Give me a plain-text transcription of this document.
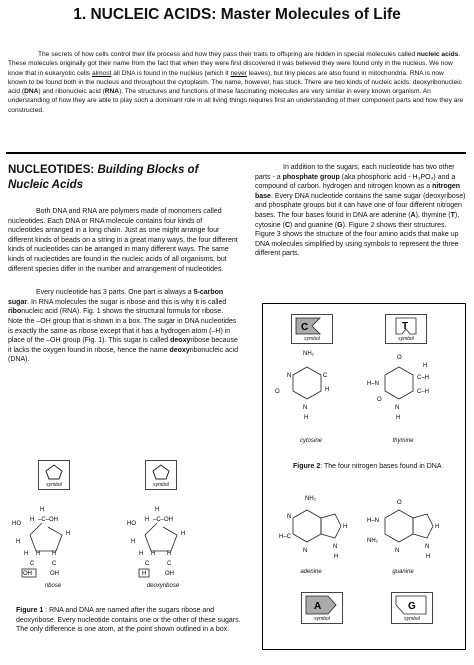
1. NUCLEIC ACIDS: Master Molecules of Life

The secrets of how cells control their life process and how they pass their traits to offspring are hidden in special molecules called nucleic acids. These molecules originally got their name from the fact that when they were first discovered it was believed they were found only in the nucleus. We now know that in eukaryotic cells almost all DNA is found in the nucleus (which it never leaves), but tiny pieces are also found in mitochondria. RNA is now known to be found both in the nucleus and throughout the cytoplasm. The name, however, has stuck. There are two kinds of nucleic acids: deoxyribonucleic acid (DNA) and ribonucleic acid (RNA). The structures and functions of these fascinating molecules are very similar in every known organism. An understanding of how they are able to play such a dominant role in all living things requires first an understanding of their component parts and how they are constructed.

NUCLEOTIDES: Building Blocks of Nucleic Acids

Both DNA and RNA are polymers made of monomers called nucleotides. Each DNA or RNA molecule contains four kinds of nucleotides arranged in a long chain. Just as one might arrange four different kinds of beads on a string in a great many ways, the four different kinds of nucleotides can be arranged in many different ways. The same kinds of nucleotides are found in the nucleic acids of all organisms, but different species differ in the number and arrangement of nucleotides.

Every nucleotide has 3 parts. One part is always a 5-carbon sugar. In RNA molecules the sugar is ribose and this is why it is called ribonucleic acid (RNA). Fig. 1 shows the structural formula for ribose. Note the –OH group that is shown in a box. The sugar in DNA nucleotides is exactly the same as ribose except that it has a hydrogen atom (–H) in place of the –OH group (Fig. 1). This sugar is called deoxyribose because it lacks the oxygen found in ribose, hence the name deoxyribonucleic acid (DNA).

In addition to the sugars, each nucleotide has two other parts - a phosphate group (aka phosphoric acid - H₃PO₄) and a compound of carbon. hydrogen and nitrogen known as a nitrogen base. Every DNA nucleotide contains the same sugar (deoxyribose) and phosphate groups but it can have one of four different nitrogen bases. The four bases found in DNA are adenine (A), thymine (T), cytosine (C) and guanine (G). Figure 2 shows their structures. Figure 3 shows the structure of the four amino acids that make up DNA molecules simplified by using symbols to represent the three different parts.

symbol	symbol
H
H –C–OH
HO
H
H
H H H
C	C
OH	OH
H
H –C–OH
HO
H
H
H H H
C	C
H	OH
ribose	deoxyribose
Figure 1 : RNA and DNA are named after the sugars ribose and deoxyribose. Every nucleotide contains one or the other of these sugars. The only difference is one atom, at the point shown outlined in a box.
C
symbol
T
symbol
NH₂
N	C
H
O
N
H
O
H
H–N
C–H
C–H
O
N
H
cytosine	thymine
Figure 2: The four nitrogen bases found in DNA
NH₂
N
H–C
H
N
N
H
O
H–N
NH₂
H
N
N
H
adenine	guanine
A
symbol
G
symbol
